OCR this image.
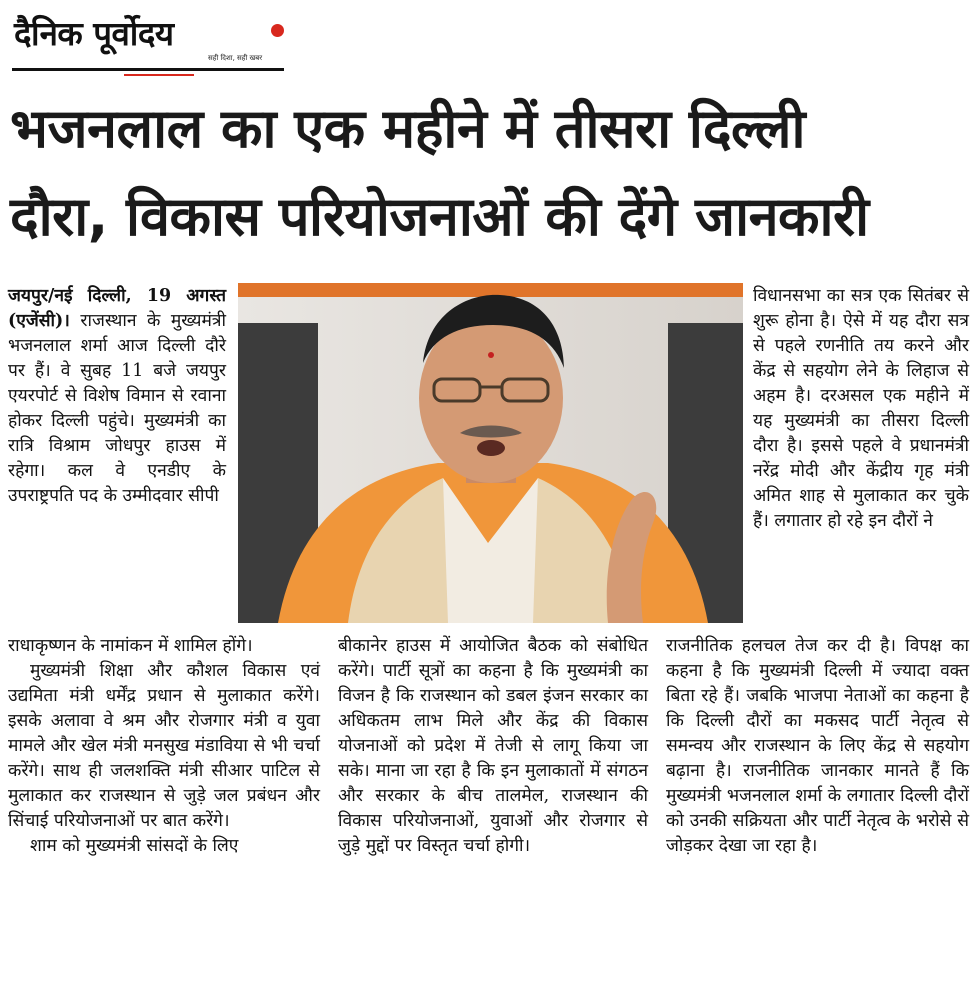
दैनिक पूर्वोदय
सही दिशा, सही खबर
भजनलाल का एक महीने में तीसरा दिल्ली
दौरा, विकास परियोजनाओं की देंगे जानकारी

जयपुर/नई दिल्ली, 19 अगस्त (एजेंसी)। राजस्थान के मुख्यमंत्री भजनलाल शर्मा आज दिल्ली दौरे पर हैं। वे सुबह 11 बजे जयपुर एयरपोर्ट से विशेष विमान से रवाना होकर दिल्ली पहुंचे। मुख्यमंत्री का रात्रि विश्राम जोधपुर हाउस में रहेगा। कल वे एनडीए के उपराष्ट्रपति पद के उम्मीदवार सीपी

विधानसभा का सत्र एक सितंबर से शुरू होना है। ऐसे में यह दौरा सत्र से पहले रणनीति तय करने और केंद्र से सहयोग लेने के लिहाज से अहम है। दरअसल एक महीने में यह मुख्यमंत्री का तीसरा दिल्ली दौरा है। इससे पहले वे प्रधानमंत्री नरेंद्र मोदी और केंद्रीय गृह मंत्री अमित शाह से मुलाकात कर चुके हैं। लगातार हो रहे इन दौरों ने

राधाकृष्णन के नामांकन में शामिल होंगे।

मुख्यमंत्री शिक्षा और कौशल विकास एवं उद्यमिता मंत्री धर्मेंद्र प्रधान से मुलाकात करेंगे। इसके अलावा वे श्रम और रोजगार मंत्री व युवा मामले और खेल मंत्री मनसुख मंडाविया से भी चर्चा करेंगे। साथ ही जलशक्ति मंत्री सीआर पाटिल से मुलाकात कर राजस्थान से जुड़े जल प्रबंधन और सिंचाई परियोजनाओं पर बात करेंगे।

शाम को मुख्यमंत्री सांसदों के लिए

बीकानेर हाउस में आयोजित बैठक को संबोधित करेंगे। पार्टी सूत्रों का कहना है कि मुख्यमंत्री का विजन है कि राजस्थान को डबल इंजन सरकार का अधिकतम लाभ मिले और केंद्र की विकास योजनाओं को प्रदेश में तेजी से लागू किया जा सके। माना जा रहा है कि इन मुलाकातों में संगठन और सरकार के बीच तालमेल, राजस्थान की विकास परियोजनाओं, युवाओं और रोजगार से जुड़े मुद्दों पर विस्तृत चर्चा होगी।

राजनीतिक हलचल तेज कर दी है। विपक्ष का कहना है कि मुख्यमंत्री दिल्ली में ज्यादा वक्त बिता रहे हैं। जबकि भाजपा नेताओं का कहना है कि दिल्ली दौरों का मकसद पार्टी नेतृत्व से समन्वय और राजस्थान के लिए केंद्र से सहयोग बढ़ाना है। राजनीतिक जानकार मानते हैं कि मुख्यमंत्री भजनलाल शर्मा के लगातार दिल्ली दौरों को उनकी सक्रियता और पार्टी नेतृत्व के भरोसे से जोड़कर देखा जा रहा है।
